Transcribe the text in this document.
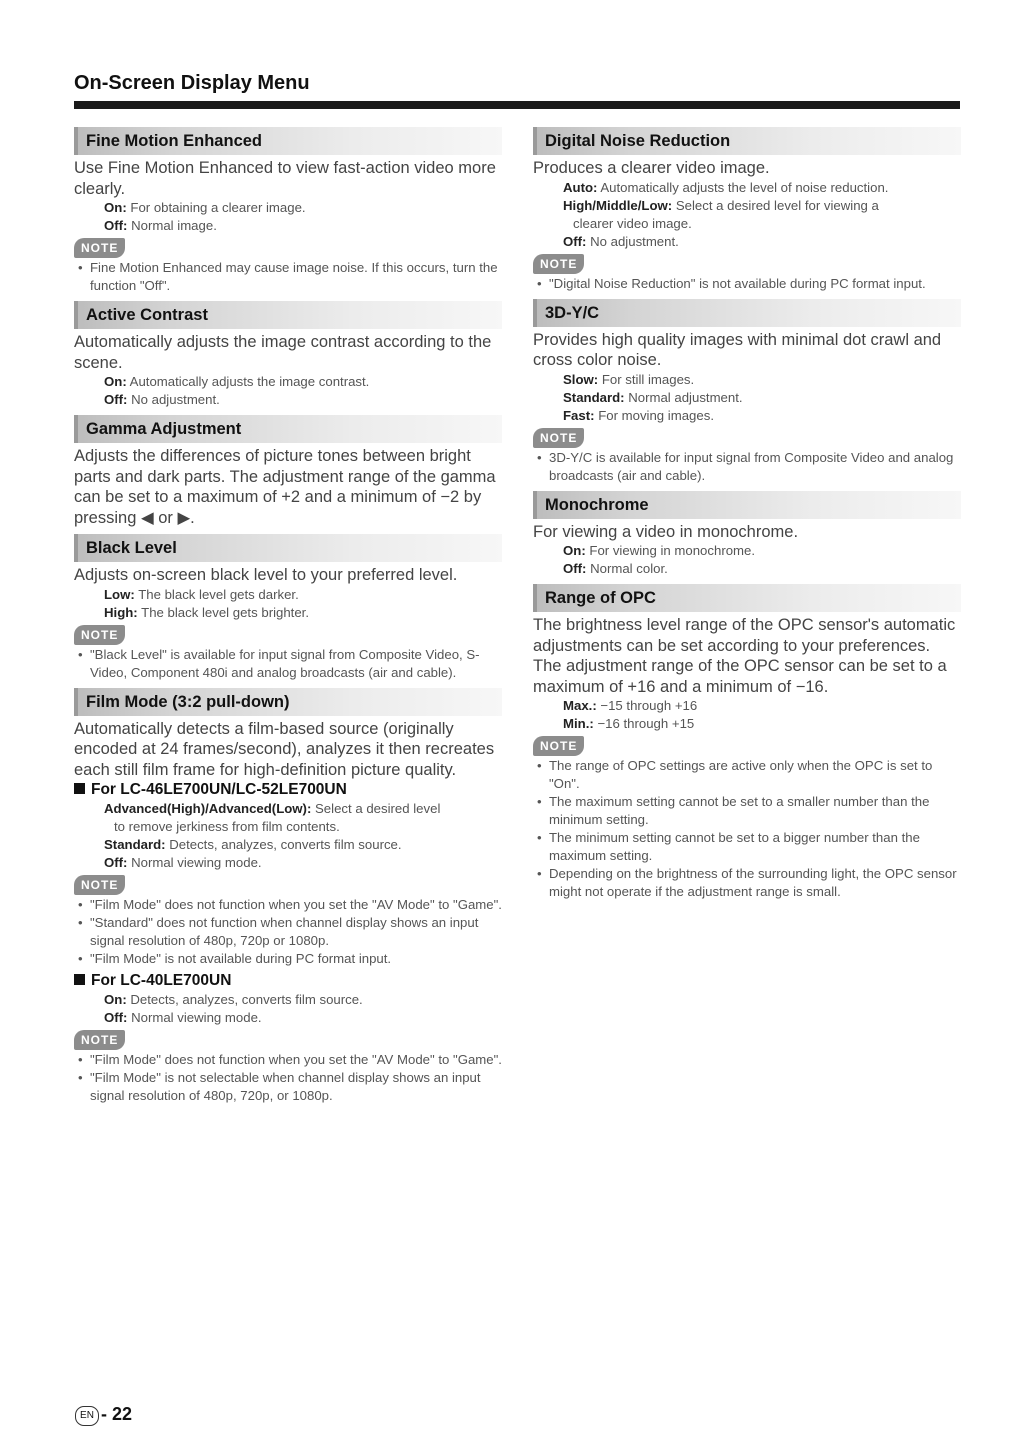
On-Screen Display Menu
Fine Motion Enhanced

Use Fine Motion Enhanced to view fast-action video more clearly.

On: For obtaining a clearer image.

Off: Normal image.

NOTE
• Fine Motion Enhanced may cause image noise. If this occurs, turn the function "Off".
Active Contrast

Automatically adjusts the image contrast according to the scene.

On: Automatically adjusts the image contrast.

Off: No adjustment.

Gamma Adjustment

Adjusts the differences of picture tones between bright parts and dark parts. The adjustment range of the gamma can be set to a maximum of +2 and a minimum of −2 by pressing ◀ or ▶.

Black Level

Adjusts on-screen black level to your preferred level.

Low: The black level gets darker.

High: The black level gets brighter.

NOTE
• "Black Level" is available for input signal from Composite Video, S-Video, Component 480i and analog broadcasts (air and cable).
Film Mode (3:2 pull-down)

Automatically detects a film-based source (originally encoded at 24 frames/second), analyzes it then recreates each still film frame for high-definition picture quality.

For LC-46LE700UN/LC-52LE700UN

Advanced(High)/Advanced(Low): Select a desired level
to remove jerkiness from film contents.

Standard: Detects, analyzes, converts film source.

Off: Normal viewing mode.

NOTE
• "Film Mode" does not function when you set the "AV Mode" to "Game".
• "Standard" does not function when channel display shows an input signal resolution of 480p, 720p or 1080p.
• "Film Mode" is not available during PC format input.
For LC-40LE700UN

On: Detects, analyzes, converts film source.

Off: Normal viewing mode.

NOTE
• "Film Mode" does not function when you set the "AV Mode" to "Game".
• "Film Mode" is not selectable when channel display shows an input signal resolution of 480p, 720p, or 1080p.
Digital Noise Reduction

Produces a clearer video image.

Auto: Automatically adjusts the level of noise reduction.

High/Middle/Low: Select a desired level for viewing a
clearer video image.

Off: No adjustment.

NOTE
• "Digital Noise Reduction" is not available during PC format input.
3D-Y/C

Provides high quality images with minimal dot crawl and cross color noise.

Slow: For still images.

Standard: Normal adjustment.

Fast: For moving images.

NOTE
• 3D-Y/C is available for input signal from Composite Video and analog broadcasts (air and cable).
Monochrome

For viewing a video in monochrome.

On: For viewing in monochrome.

Off: Normal color.

Range of OPC

The brightness level range of the OPC sensor's automatic adjustments can be set according to your preferences. The adjustment range of the OPC sensor can be set to a maximum of +16 and a minimum of −16.

Max.: −15 through +16

Min.: −16 through +15

NOTE
• The range of OPC settings are active only when the OPC is set to "On".
• The maximum setting cannot be set to a smaller number than the minimum setting.
• The minimum setting cannot be set to a bigger number than the maximum setting.
• Depending on the brightness of the surrounding light, the OPC sensor might not operate if the adjustment range is small.
EN - 22
